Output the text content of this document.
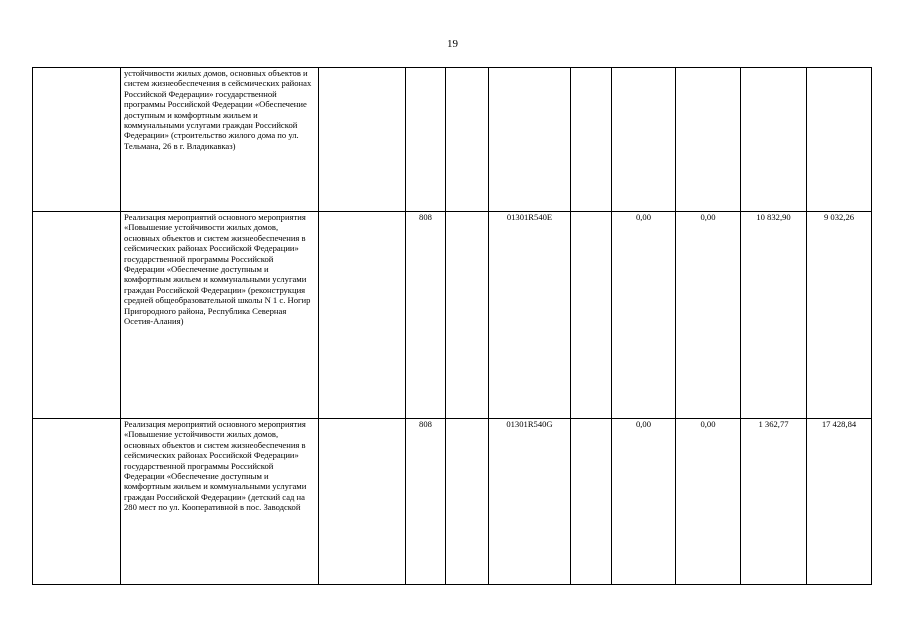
19
	устойчивости жилых домов, основных объектов и систем жизнеобеспечения в сейсмических районах Российской Федерации» государственной программы Российской Федерации «Обеспечение доступным и комфортным жильем и коммунальными услугами граждан Российской Федерации» (строительство жилого дома по ул. Тельмана, 26 в г. Владикавказ)									
	Реализация мероприятий основного мероприятия «Повышение устойчивости жилых домов, основных объектов и систем жизнеобеспечения в сейсмических районах Российской Федерации» государственной программы Российской Федерации «Обеспечение доступным и комфортным жильем и коммунальными услугами граждан Российской Федерации» (реконструкция средней общеобразовательной школы N 1 с. Ногир Пригородного района, Республика Северная Осетия-Алания)		808		01301R540E		0,00	0,00	10 832,90	9 032,26
	Реализация мероприятий основного мероприятия «Повышение устойчивости жилых домов, основных объектов и систем жизнеобеспечения в сейсмических районах Российской Федерации» государственной программы Российской Федерации «Обеспечение доступным и комфортным жильем и коммунальными услугами граждан Российской Федерации» (детский сад на 280 мест по ул. Кооперативной в пос. Заводской		808		01301R540G		0,00	0,00	1 362,77	17 428,84
